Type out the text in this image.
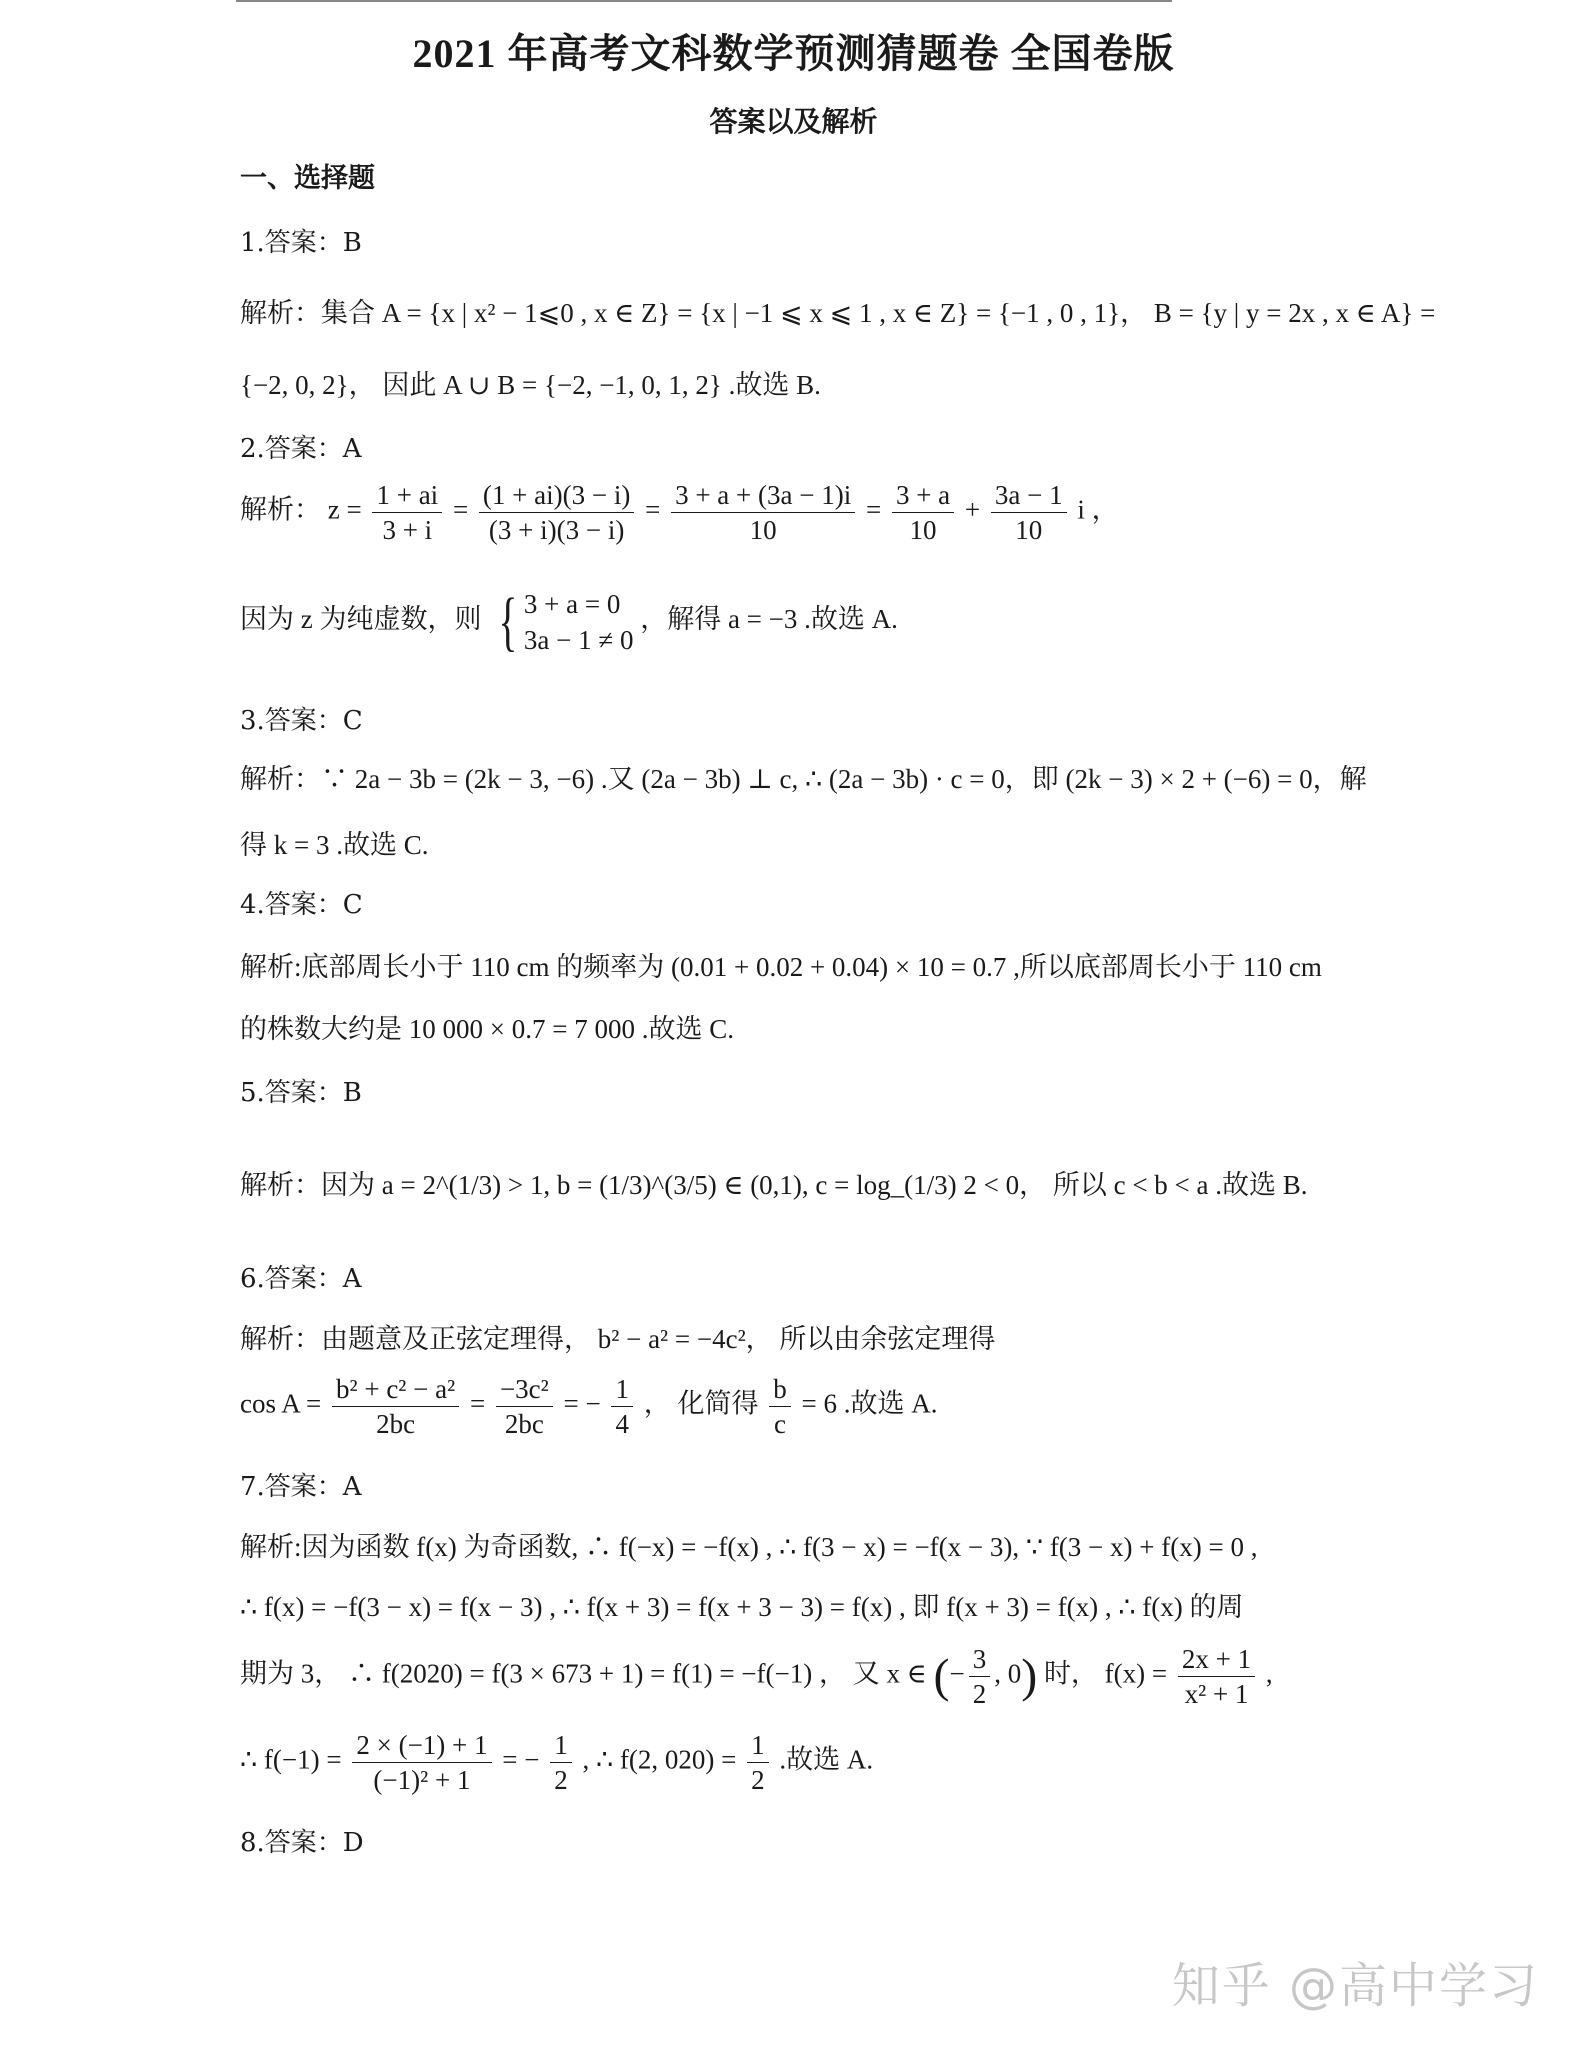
2021 年高考文科数学预测猜题卷 全国卷版
答案以及解析
一、选择题
1.答案：B
解析：集合 A = {x | x² − 1⩽0 , x ∈ Z} = {x | −1 ⩽ x ⩽ 1 , x ∈ Z} = {−1 , 0 , 1}， B = {y | y = 2x , x ∈ A} =
{−2, 0, 2}， 因此 A ∪ B = {−2, −1, 0, 1, 2} .故选 B.
2.答案：A
解析： $z = \frac{1 + ai}{3 + i} = \frac{(1 + ai)(3 - i)}{(3 + i)(3 - i)} = \frac{3 + a + (3a - 1)i}{10} = \frac{3 + a}{10} + \frac{3a - 1}{10}$ i ，
因为 z 为纯虚数，则 { 3 + a = 0
3a − 1 ≠ 0
，解得 a = −3 .故选 A.
3.答案：C
解析：∵ 2a − 3b = (2k − 3, −6) .又 (2a − 3b) ⊥ c, ∴ (2a − 3b) · c = 0，即 (2k − 3) × 2 + (−6) = 0，解
得 k = 3 .故选 C.
4.答案：C
解析:底部周长小于 110 cm 的频率为 (0.01 + 0.02 + 0.04) × 10 = 0.7 ,所以底部周长小于 110 cm
的株数大约是 10 000 × 0.7 = 7 000 .故选 C.
5.答案：B
解析：因为 a = 2^(1/3) > 1, b = (1/3)^(3/5) ∈ (0,1), c = log_(1/3) 2 < 0， 所以 c < b < a .故选 B.
6.答案：A
解析：由题意及正弦定理得， b² − a² = −4c²， 所以由余弦定理得
$\cos A = \frac{\text{b² + c² − a²}}{2bc} = \frac{\text{−3c²}}{2bc}$ = − $\frac{1}{4}$ ， 化简得 $\frac{b}{c} = 6$ .故选 A.
7.答案：A
解析:因为函数 f(x) 为奇函数, ∴ f(−x) = −f(x) , ∴ f(3 − x) = −f(x − 3), ∵ f(3 − x) + f(x) = 0 ,
∴ f(x) = −f(3 − x) = f(x − 3) , ∴ f(x + 3) = f(x + 3 − 3) = f(x) , 即 f(x + 3) = f(x) , ∴ f(x) 的周
期为 3， ∴ f(2020) = f(3 × 673 + 1) = f(1) = −f(−1) ， 又 x ∈ (− $\frac{3}{2}$ , 0) 时， $f(x) = \frac{2x + 1}{\text{x² + 1}}$ ,
∴ $f(-1) = \frac{2 \times (-1) + 1}{\text{(−1)² + 1}}$ = − $\frac{1}{2}$ , ∴ f(2, $020) = \frac{1}{2}$ .故选 A.
8.答案：D
知乎 @高中学习
